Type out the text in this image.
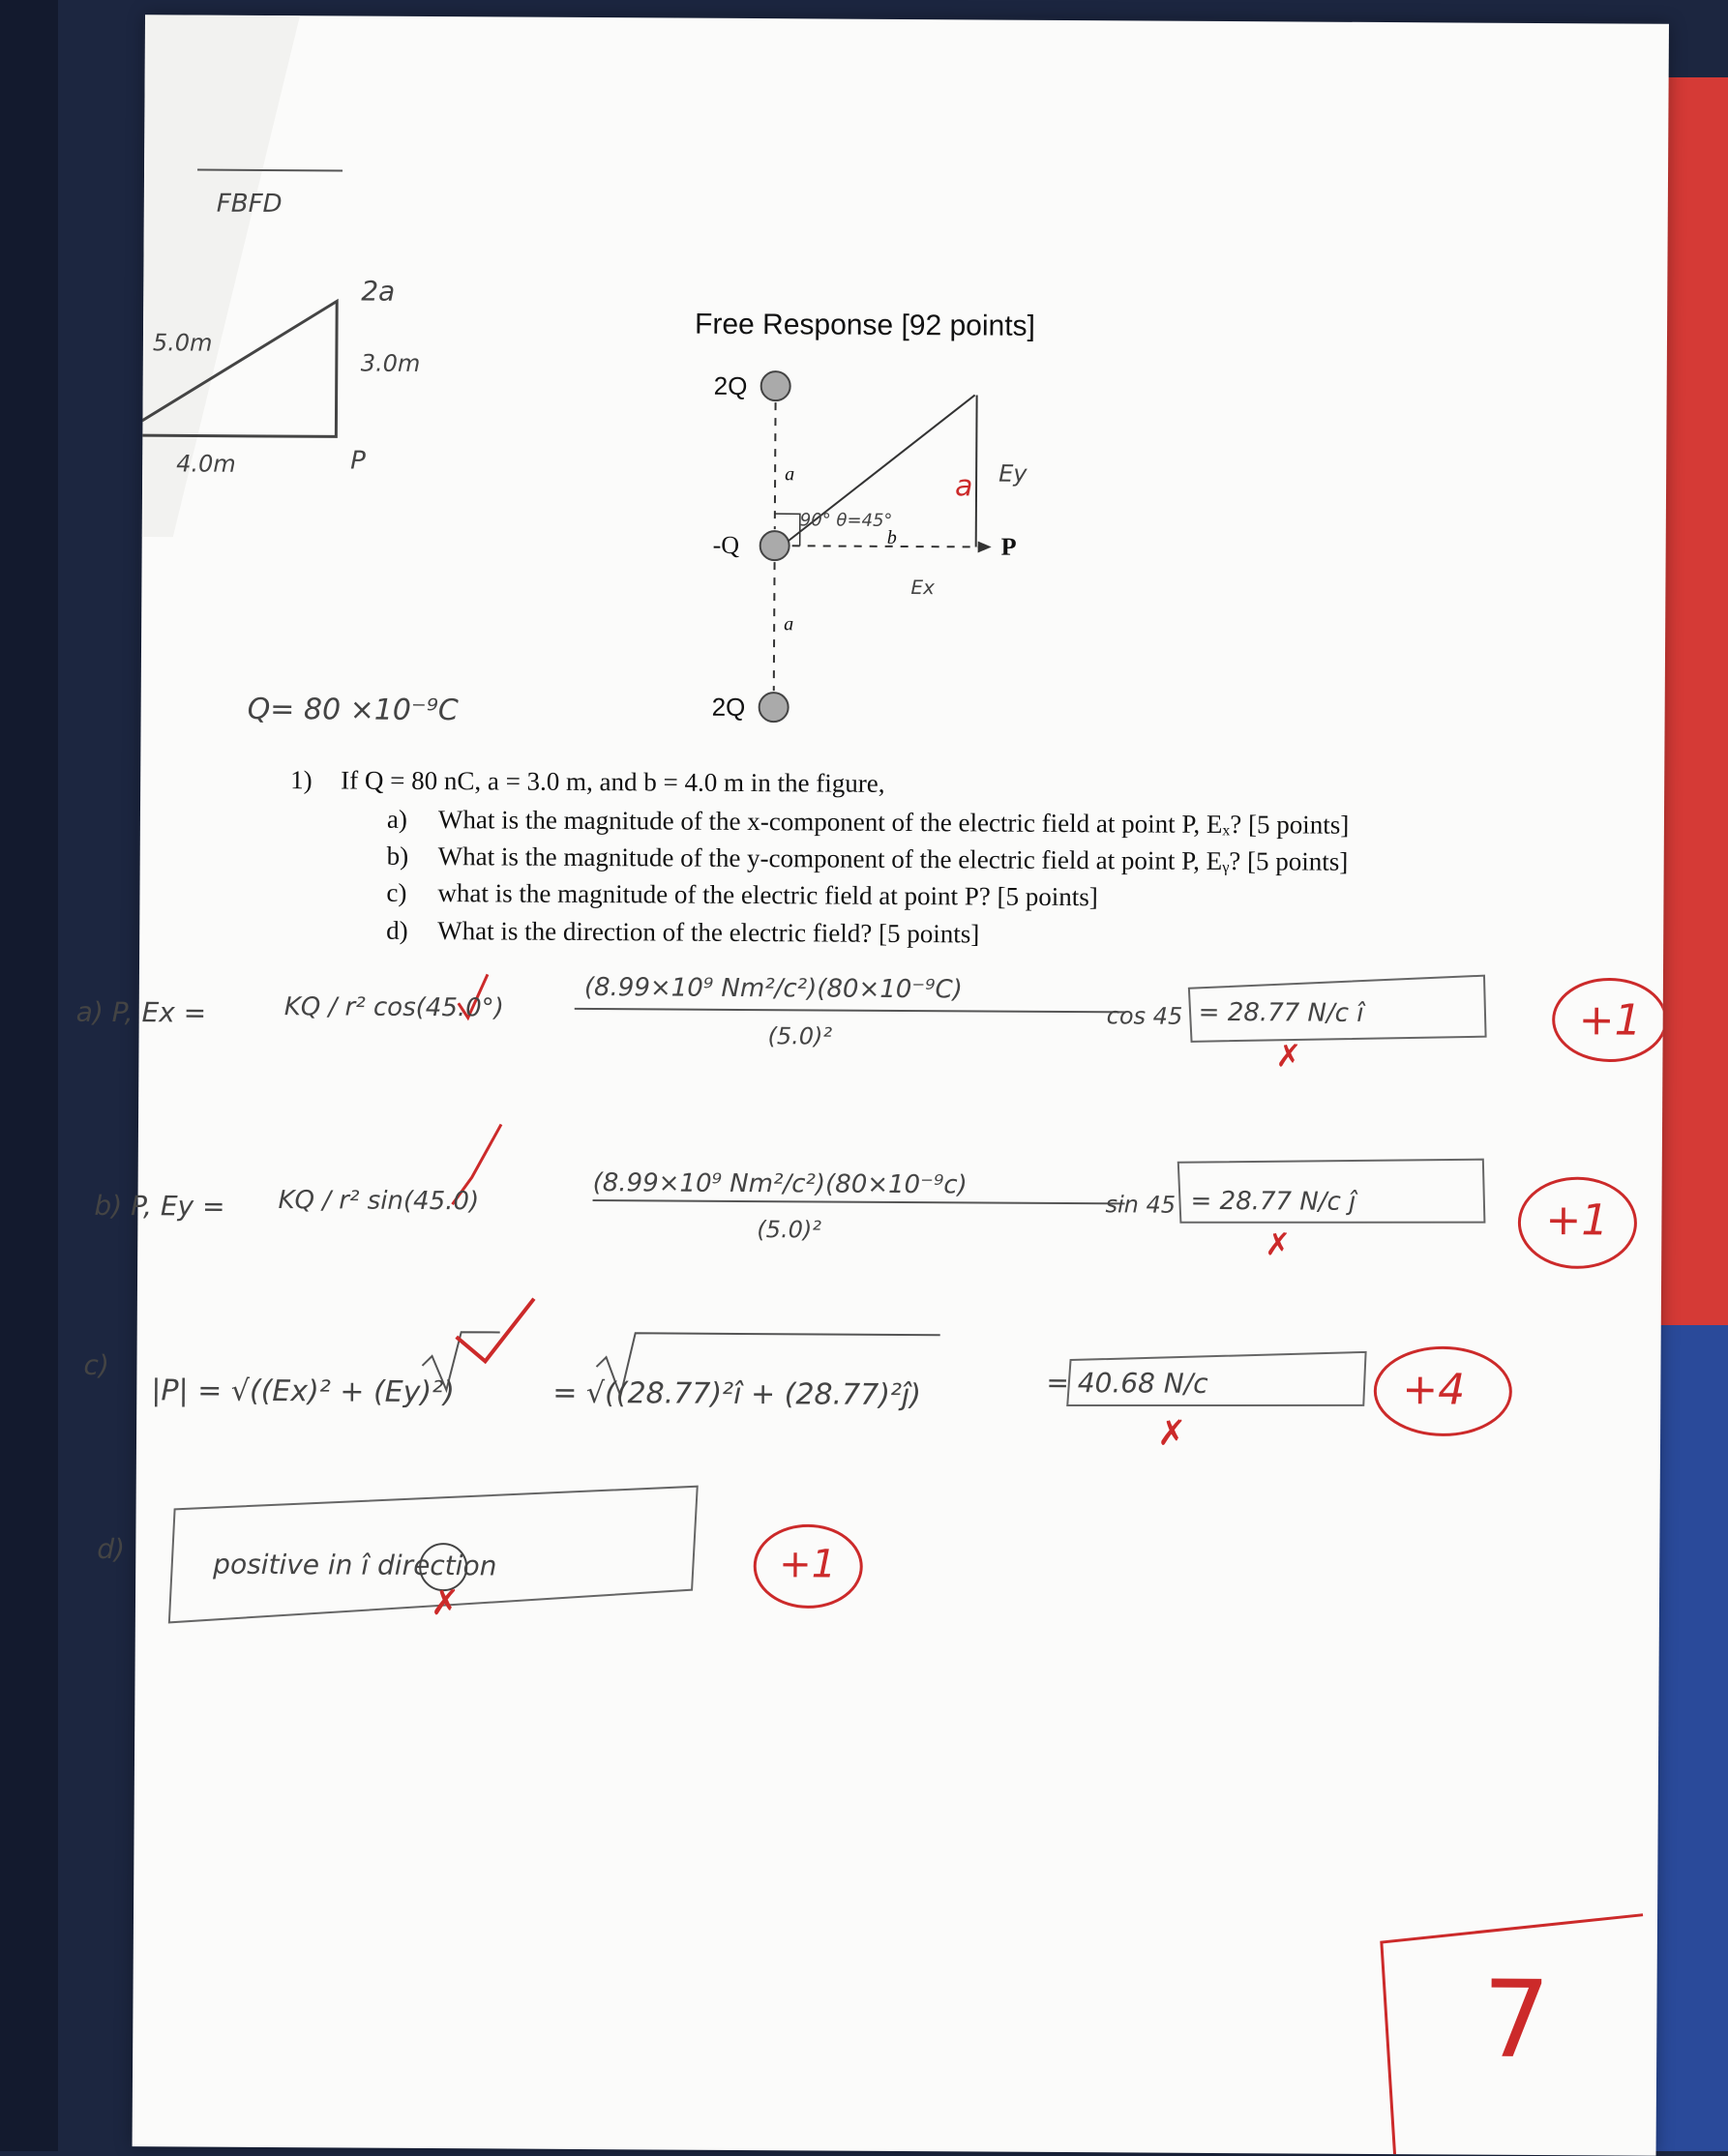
FBFD
2a
5.0m
3.0m
4.0m	P
Free Response [92 points]
2Q
-Q
2Q
P
a
a
b
Ex
Ey
a
90° θ=45°
Q= 80 ×10⁻⁹C
1) If Q = 80 nC, a = 3.0 m, and b = 4.0 m in the figure,
a) What is the magnitude of the x-component of the electric field at point P, Eₓ? [5 points]
b) What is the magnitude of the y-component of the electric field at point P, Eᵧ? [5 points]
c) what is the magnitude of the electric field at point P? [5 points]
d) What is the direction of the electric field? [5 points]
a) P, Ex =	KQ / r² cos(45.0°)
(8.99×10⁹ Nm²/c²)(80×10⁻⁹C)
(5.0)²
cos 45 = 28.77 N/c î
✗
+1
b) P, Ey = KQ / r² sin(45.0)
(8.99×10⁹ Nm²/c²)(80×10⁻⁹c)
(5.0)²
sin 45 = 28.77 N/c ĵ
✗	+1
c)
|P| = √((Ex)² + (Ey)²)	= √((28.77)²î + (28.77)²ĵ)	= 40.68 N/c
✗
+4
d)	positive in î direction
✗
+1
7
